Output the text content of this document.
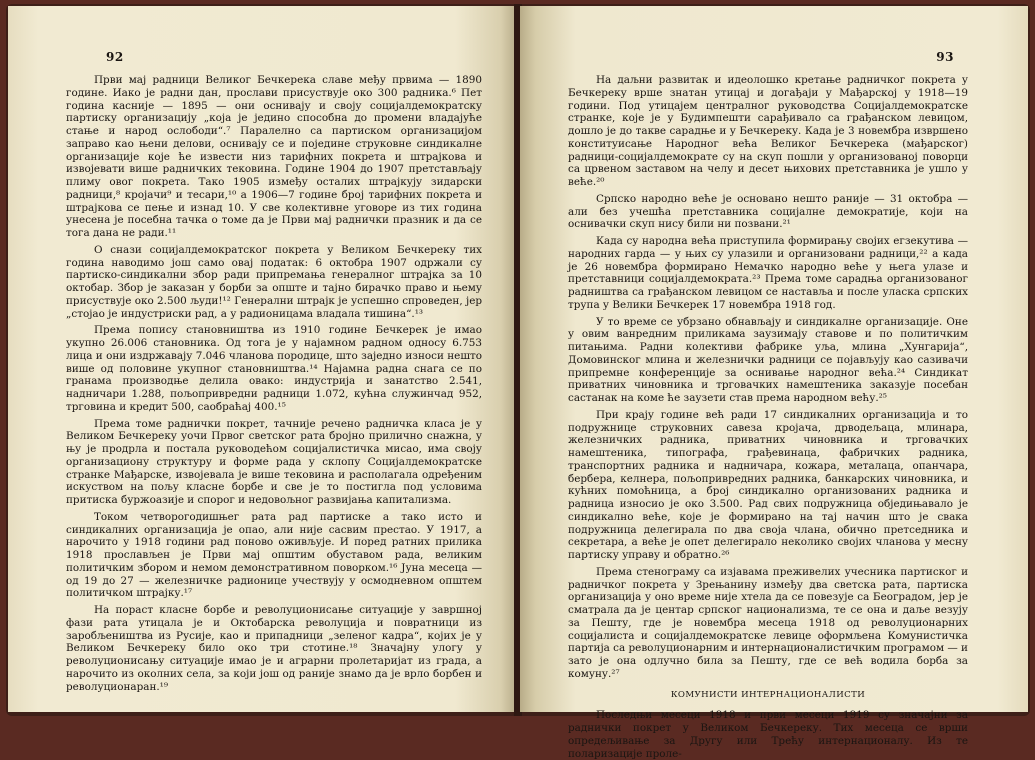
92

Први мај радници Великог Бечкерека славе међу првима — 1890 године. Иако је радни дан, прослави присуствује око 300 радника.⁶ Пет година касније — 1895 — они оснивају и своју социјалдемократску партиску организацију „која је једино способна до промени владајуће стање и народ ослободи“.⁷ Паралелно са партиском организацијом заправо као њени делови, оснивају се и поједине струковне синдикалне организације које ће извести низ тарифних покрета и штрајкова и извојевати више радничких тековина. Године 1904 до 1907 претстављају плиму овог покрета. Тако 1905 између осталих штрајкују зидарски радници,⁸ кројачи⁹ и тесари,¹⁰ а 1906—7 године број тарифних покрета и штрајкова се пење и изнад 10. У све колективне уговоре из тих година унесена је посебна тачка о томе да је Први мај раднички празник и да се тога дана не ради.¹¹

О снази социјалдемократског покрета у Великом Бечкереку тих година наводимо још само овај податак: 6 октобра 1907 одржали су партиско-синдикални збор ради припремања генералног штрајка за 10 октобар. Збор је заказан у борби за опште и тајно бирачко право и њему присуствује око 2.500 људи!¹² Генерални штрајк је успешно спроведен, јер „стојао је индустриски рад, а у радионицама владала тишина“.¹³

Према попису становништва из 1910 године Бечкерек је имао укупно 26.006 становника. Од тога је у најамном радном односу 6.753 лица и они издржавају 7.046 чланова породице, што заједно износи нешто више од половине укупног становништва.¹⁴ Најамна радна снага се по гранама производње делила овако: индустрија и занатство 2.541, надничари 1.288, пољопривредни радници 1.072, кућна служинчад 952, трговина и кредит 500, саобраћај 400.¹⁵

Према томе раднички покрет, тачније речено радничка класа је у Великом Бечкереку уочи Првог светског рата бројно прилично снажна, у њу је продрла и постала руководећом социјалистичка мисао, има своју организациону структуру и форме рада у склопу Социјалдемократске странке Мађарске, извојевала је више тековина и располагала одређеним искуством на пољу класне борбе и све је то постигла под условима притиска буржоазије и спорог и недовољног развијања капитализма.

Током четворогодишњег рата рад партиске а тако исто и синдикалних организација је опао, али није сасвим престао. У 1917, а нарочито у 1918 години рад поново оживљује. И поред ратних прилика 1918 прослављен је Први мај општим обуставом рада, великим политичким збором и немом демонстративном поворком.¹⁶ Јуна месеца — од 19 до 27 — железничке радионице учествују у осмодневном општем политичком штрајку.¹⁷

На пораст класне борбе и револуционисање ситуације у завршној фази рата утицала је и Октобарска револуција и повратници из заробљеништва из Русије, као и припадници „зеленог кадра“, којих је у Великом Бечкереку било око три стотине.¹⁸ Значајну улогу у револуционисању ситуације имао је и аграрни пролетаријат из града, а нарочито из околних села, за који још од раније знамо да је врло борбен и револуционаран.¹⁹

93

На даљни развитак и идеолошко кретање радничког покрета у Бечкереку врше знатан утицај и догађаји у Мађарској у 1918—19 години. Под утицајем централног руководства Социјалдемократске странке, које је у Будимпешти сарађивало са грађанском левицом, дошло је до такве сарадње и у Бечкереку. Када је 3 новембра извршено конституисање Народног већа Великог Бечкерека (мађарског) радници-социјалдемократе су на скуп пошли у организованој поворци са црвеном заставом на челу и десет њихових претставника је ушло у веће.²⁰

Српско народно веће је основано нешто раније — 31 октобра — али без учешћа претставника социјалне демократије, који на оснивачки скуп нису били ни позвани.²¹

Када су народна већа приступила формирању својих егзекутива — народних гарда — у њих су улазили и организовани радници,²² а када је 26 новембра формирано Немачко народно веће у њега улазе и претставници социјалдемократа.²³ Према томе сарадња организованог радништва са грађанском левицом се наставља и после уласка српских трупа у Велики Бечкерек 17 новембра 1918 год.

У то време се убрзано обнављају и синдикалне организације. Оне у овим ванредним приликама заузимају ставове и по политичким питањима. Радни колективи фабрике уља, млина „Хунгарија“, Домовинског млина и железнички радници се појављују као сазивачи припремне конференције за оснивање народног већа.²⁴ Синдикат приватних чиновника и трговачких намештеника заказује посебан састанак на коме ће заузети став према народном већу.²⁵

При крају године већ ради 17 синдикалних организација и то подружнице струковних савеза кројача, дрводељаца, млинара, железничких радника, приватних чиновника и трговачких намештеника, типографа, грађевинаца, фабричких радника, транспортних радника и надничара, кожара, металаца, опанчара, бербера, келнера, пољопривредних радника, банкарских чиновника, и кућних помоћница, а број синдикално организованих радника и радница износио је око 3.500. Рад свих подружница обједињавало је синдикално веће, које је формирано на тај начин што је свака подружница делегирала по два своја члана, обично претседника и секретара, а веће је опет делегирало неколико својих чланова у месну партиску управу и обратно.²⁶

Према стенограму са изјавама преживелих учесника партиског и радничког покрета у Зрењанину између два светска рата, партиска организација у оно време није хтела да се повезује са Београдом, јер је сматрала да је центар српског национализма, те се она и даље везују за Пешту, где је новембра месеца 1918 од револуционарних социјалиста и социјалдемократске левице оформљена Комунистичка партија са револуционарним и интернационалистичким програмом — и зато је она одлучно била за Пешту, где се већ водила борба за комуну.²⁷

КОМУНИСТИ ИНТЕРНАЦИОНАЛИСТИ

Последњи месеци 1918 и први месеци 1919 су значајни за раднички покрет у Великом Бечкереку. Тих месеца се врши опредељивање за Другу или Трећу интернационалу. Из те поларизације проле-
